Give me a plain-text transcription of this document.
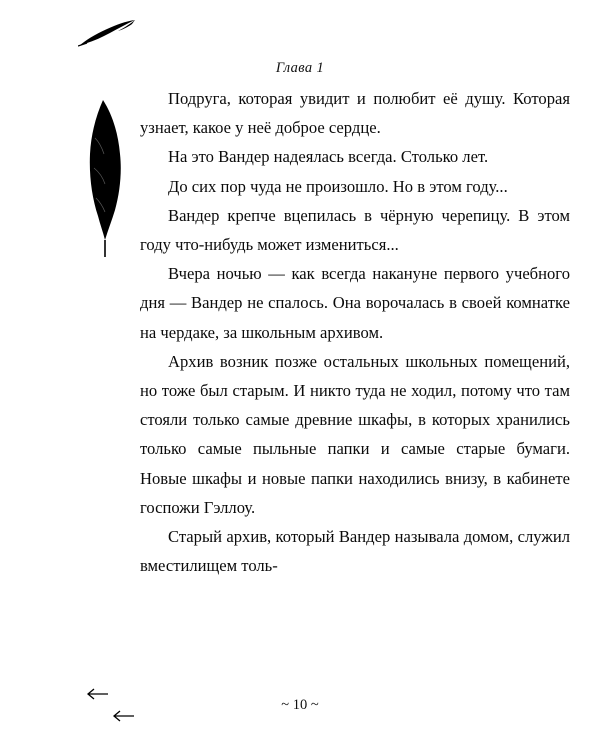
Глава 1

Подруга, которая увидит и полюбит её душу. Которая узнает, какое у неё доброе сердце.

На это Вандер надеялась всегда. Столько лет.

До сих пор чуда не произошло. Но в этом году...

Вандер крепче вцепилась в чёрную черепицу. В этом году что-нибудь может измениться...

Вчера ночью — как всегда накануне первого учебного дня — Вандер не спалось. Она ворочалась в своей комнатке на чердаке, за школьным архивом.

Архив возник позже остальных школьных помещений, но тоже был старым. И никто туда не ходил, потому что там стояли только самые древние шкафы, в которых хранились только самые пыльные папки и самые старые бумаги. Новые шкафы и новые папки находились внизу, в кабинете госпожи Гэллоу.

Старый архив, который Вандер называла домом, служил вместилищем толь-

~ 10 ~
